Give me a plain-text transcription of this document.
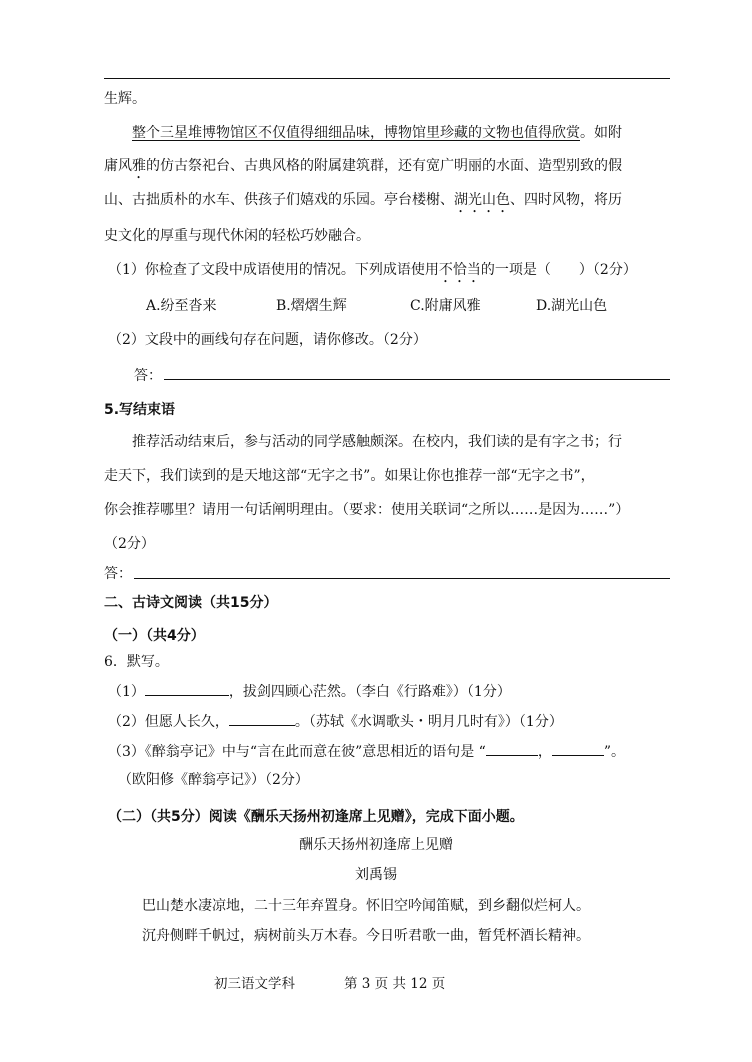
生辉。
整个三星堆博物馆区不仅值得细细品味，博物馆里珍藏的文物也值得欣赏。如附
庸风雅的仿古祭祀台、古典风格的附属建筑群，还有宽广明丽的水面、造型别致的假
山、古拙质朴的水车、供孩子们嬉戏的乐园。亭台楼榭、湖光山色、四时风物，将历
史文化的厚重与现代休闲的轻松巧妙融合。
（1）你检查了文段中成语使用的情况。下列成语使用不恰当的一项是（　　）（2分）
A.纷至沓来	B.熠熠生辉	C.附庸风雅	D.湖光山色
（2）文段中的画线句存在问题，请你修改。（2分）
答：
5.写结束语
推荐活动结束后，参与活动的同学感触颇深。在校内，我们读的是有字之书；行
走天下，我们读到的是天地这部“无字之书”。如果让你也推荐一部“无字之书”，
你会推荐哪里？请用一句话阐明理由。（要求：使用关联词“之所以……是因为……”）
（2分）
答：
二、古诗文阅读（共15分）
（一）（共4分）
6．默写。
（1）	，拔剑四顾心茫然。（李白《行路难》）（1分）
（2）但愿人长久，	。（苏轼《水调歌头・明月几时有》）（1分）
（3）《醉翁亭记》中与“言在此而意在彼”意思相近的语句是 “	，	”。
（欧阳修《醉翁亭记》）（2分）
（二）（共5分）阅读《酬乐天扬州初逢席上见赠》，完成下面小题。
酬乐天扬州初逢席上见赠
刘禹锡
巴山楚水凄凉地，二十三年弃置身。怀旧空吟闻笛赋，到乡翻似烂柯人。
沉舟侧畔千帆过，病树前头万木春。今日听君歌一曲，暂凭杯酒长精神。
初三语文学科	第 3 页 共 12 页
